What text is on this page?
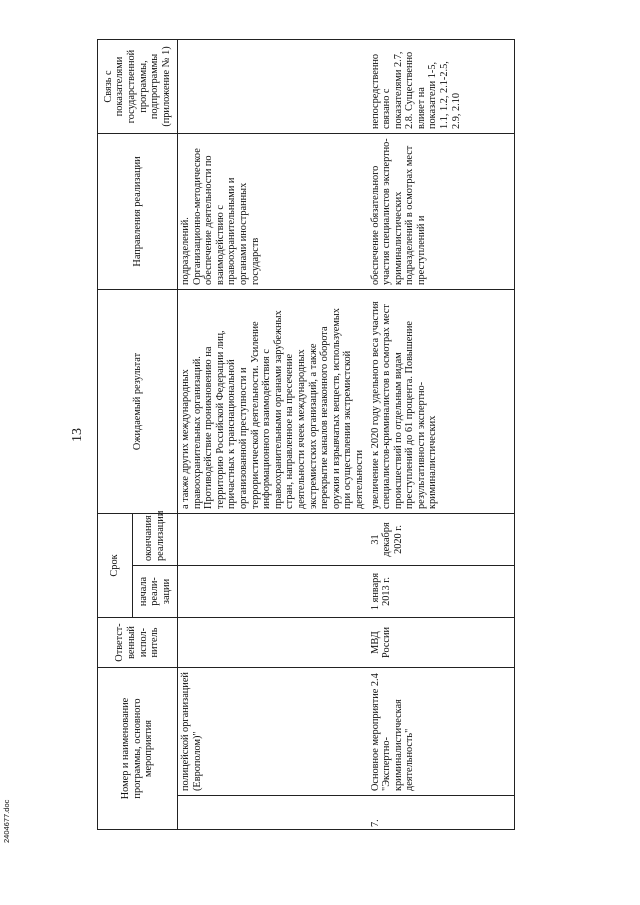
13
Номер и наименование программы, основного мероприятия		Ответст-венный испол-нитель	Срок		Ожидаемый результат	Направления реализации	Связь с показателями государственной программы, подпрограммы (приложение № 1)
			начала реали-зации	окончания реализации			
	полицейской организацией (Европолом)"				а также других международных правоохранительных организаций. Противодействие проникновению на территорию Российской Федерации лиц, причастных к транснациональной организованной преступности и террористической деятельности. Усиление информационного взаимодействия с правоохранительными органами зарубежных стран, направленное на пресечение деятельности ячеек международных экстремистских организаций, а также перекрытие каналов незаконного оборота оружия и взрывчатых веществ, используемых при осуществлении экстремистской деятельности	подразделений. Организационно-методическое обеспечение деятельности по взаимодействию с правоохранительными и органами иностранных государств	
7.	Основное мероприятие 2.4 "Экспертно-криминалистическая деятельность"	МВД России	1 января 2013 г.	31 декабря 2020 г.	увеличение к 2020 году удельного веса участия специалистов-криминалистов в осмотрах мест происшествий по отдельным видам преступлений до 61 процента. Повышение результативности экспертно-криминалистических	обеспечение обязательного участия специалистов экспертно-криминалистических подразделений в осмотрах мест преступлений и	непосредственно связано с показателями 2.7, 2.8. Существенно влияет на показатели 1-5, 1.1, 1.2, 2.1-2.5, 2.9, 2.10
2404677.doc
